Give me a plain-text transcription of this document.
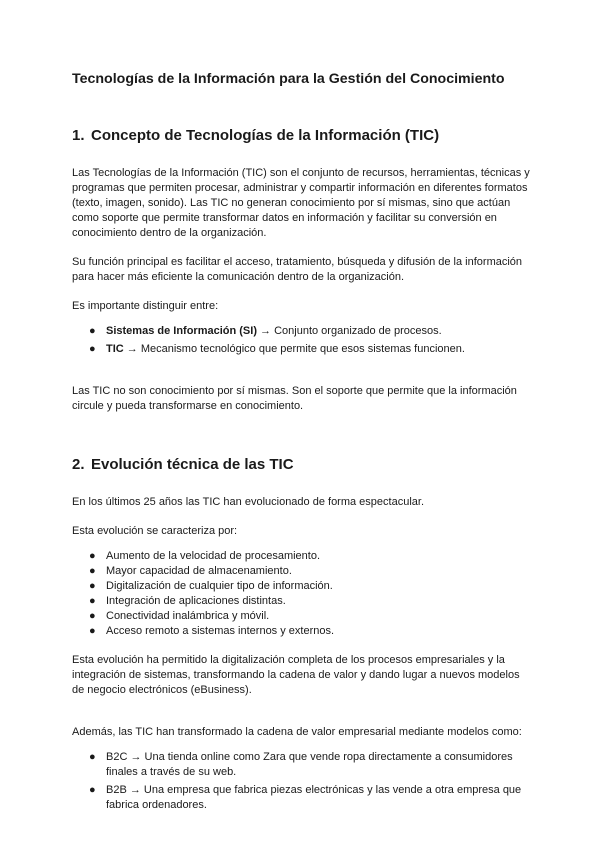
Tecnologías de la Información para la Gestión del Conocimiento
1. Concepto de Tecnologías de la Información (TIC)

Las Tecnologías de la Información (TIC) son el conjunto de recursos, herramientas, técnicas y programas que permiten procesar, administrar y compartir información en diferentes formatos (texto, imagen, sonido). Las TIC no generan conocimiento por sí mismas, sino que actúan como soporte que permite transformar datos en información y facilitar su conversión en conocimiento dentro de la organización.

Su función principal es facilitar el acceso, tratamiento, búsqueda y difusión de la información para hacer más eficiente la comunicación dentro de la organización.

Es importante distinguir entre:

● Sistemas de Información (SI) → Conjunto organizado de procesos.
● TIC → Mecanismo tecnológico que permite que esos sistemas funcionen.

Las TIC no son conocimiento por sí mismas. Son el soporte que permite que la información circule y pueda transformarse en conocimiento.

2. Evolución técnica de las TIC

En los últimos 25 años las TIC han evolucionado de forma espectacular.

Esta evolución se caracteriza por:

● Aumento de la velocidad de procesamiento.
● Mayor capacidad de almacenamiento.
● Digitalización de cualquier tipo de información.
● Integración de aplicaciones distintas.
● Conectividad inalámbrica y móvil.
● Acceso remoto a sistemas internos y externos.

Esta evolución ha permitido la digitalización completa de los procesos empresariales y la integración de sistemas, transformando la cadena de valor y dando lugar a nuevos modelos de negocio electrónicos (eBusiness).

Además, las TIC han transformado la cadena de valor empresarial mediante modelos como:

● B2C → Una tienda online como Zara que vende ropa directamente a consumidores finales a través de su web.
● B2B → Una empresa que fabrica piezas electrónicas y las vende a otra empresa que fabrica ordenadores.
